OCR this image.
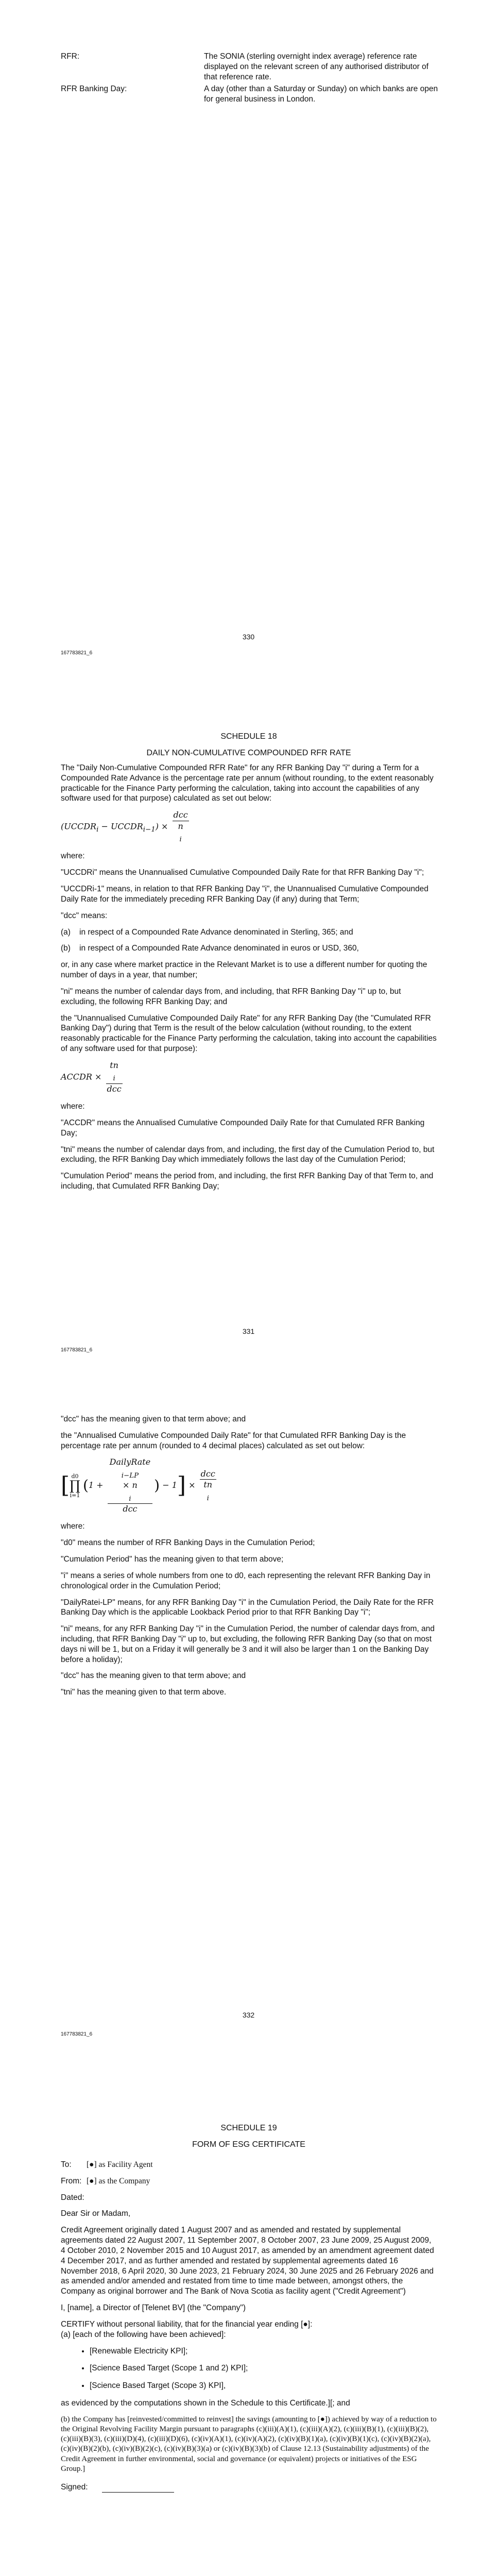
RFR:	The SONIA (sterling overnight index average) reference rate displayed on the relevant screen of any authorised distributor of that reference rate.
RFR Banking Day:	A day (other than a Saturday or Sunday) on which banks are open for general business in London.
330
167783821_6

SCHEDULE 18

DAILY NON-CUMULATIVE COMPOUNDED RFR RATE

The "Daily Non-Cumulative Compounded RFR Rate" for any RFR Banking Day "i" during a Term for a Compounded Rate Advance is the percentage rate per annum (without rounding, to the extent reasonably practicable for the Finance Party performing the calculation, taking into account the capabilities of any software used for that purpose) calculated as set out below:

($UCCDR_i$ − $UCCDR_{i-1}$) × dcc
n
$_i$

where:

"UCCDRi" means the Unannualised Cumulative Compounded Daily Rate for that RFR Banking Day "i";

"UCCDRi-1" means, in relation to that RFR Banking Day "i", the Unannualised Cumulative Compounded Daily Rate for the immediately preceding RFR Banking Day (if any) during that Term;

"dcc" means:

(a)	in respect of a Compounded Rate Advance denominated in Sterling, 365; and
(b)	in respect of a Compounded Rate Advance denominated in euros or USD, 360,

or, in any case where market practice in the Relevant Market is to use a different number for quoting the number of days in a year, that number;

"ni" means the number of calendar days from, and including, that RFR Banking Day "i" up to, but excluding, the following RFR Banking Day; and

the "Unannualised Cumulative Compounded Daily Rate" for any RFR Banking Day (the "Cumulated RFR Banking Day") during that Term is the result of the below calculation (without rounding, to the extent reasonably practicable for the Finance Party performing the calculation, taking into account the capabilities of any software used for that purpose):

ACCDR × tn
$_i$
dcc

where:

"ACCDR" means the Annualised Cumulative Compounded Daily Rate for that Cumulated RFR Banking Day;

"tni" means the number of calendar days from, and including, the first day of the Cumulation Period to, but excluding, the RFR Banking Day which immediately follows the last day of the Cumulation Period;

"Cumulation Period" means the period from, and including, the first RFR Banking Day of that Term to, and including, that Cumulated RFR Banking Day;

331
167783821_6

"dcc" has the meaning given to that term above; and

the "Annualised Cumulative Compounded Daily Rate" for that Cumulated RFR Banking Day is the percentage rate per annum (rounded to 4 decimal places) calculated as set out below:

[ d0
∏
i=1 (1 + DailyRate
$_{i-LP}$
× n
$_i$
dcc ) − 1] × dcc
tn
$_i$

where:

"d0" means the number of RFR Banking Days in the Cumulation Period;

"Cumulation Period" has the meaning given to that term above;

"i" means a series of whole numbers from one to d0, each representing the relevant RFR Banking Day in chronological order in the Cumulation Period;

"DailyRatei-LP" means, for any RFR Banking Day "i" in the Cumulation Period, the Daily Rate for the RFR Banking Day which is the applicable Lookback Period prior to that RFR Banking Day "i";

"ni" means, for any RFR Banking Day "i" in the Cumulation Period, the number of calendar days from, and including, that RFR Banking Day "i" up to, but excluding, the following RFR Banking Day (so that on most days ni will be 1, but on a Friday it will generally be 3 and it will also be larger than 1 on the Banking Day before a holiday);

"dcc" has the meaning given to that term above; and

"tni" has the meaning given to that term above.

332
167783821_6

SCHEDULE 19

FORM OF ESG CERTIFICATE

To: [●] as Facility Agent

From: [●] as the Company

Dated:

Dear Sir or Madam,

Credit Agreement originally dated 1 August 2007 and as amended and restated by supplemental agreements dated 22 August 2007, 11 September 2007, 8 October 2007, 23 June 2009, 25 August 2009, 4 October 2010, 2 November 2015 and 10 August 2017, as amended by an amendment agreement dated 4 December 2017, and as further amended and restated by supplemental agreements dated 16 November 2018, 6 April 2020, 30 June 2023, 21 February 2024, 30 June 2025 and 26 February 2026 and as amended and/or amended and restated from time to time made between, amongst others, the Company as original borrower and The Bank of Nova Scotia as facility agent ("Credit Agreement")

I, [name], a Director of [Telenet BV] (the "Company")

CERTIFY without personal liability, that for the financial year ending [●]:

(a) [each of the following have been achieved]:

• [Renewable Electricity KPI];
• [Science Based Target (Scope 1 and 2) KPI];
• [Science Based Target (Scope 3) KPI],

as evidenced by the computations shown in the Schedule to this Certificate.][; and

(b) the Company has [reinvested/committed to reinvest] the savings (amounting to [●]) achieved by way of a reduction to the Original Revolving Facility Margin pursuant to paragraphs (c)(iii)(A)(1), (c)(iii)(A)(2), (c)(iii)(B)(1), (c)(iii)(B)(2), (c)(iii)(B)(3), (c)(iii)(D)(4), (c)(iii)(D)(6), (c)(iv)(A)(1), (c)(iv)(A)(2), (c)(iv)(B)(1)(a), (c)(iv)(B)(1)(c), (c)(iv)(B)(2)(a), (c)(iv)(B)(2)(b), (c)(iv)(B)(2)(c), (c)(iv)(B)(3)(a) or (c)(iv)(B)(3)(b) of Clause 12.13 (Sustainability adjustments) of the Credit Agreement in further environmental, social and governance (or equivalent) projects or initiatives of the ESG Group.]

Signed:
